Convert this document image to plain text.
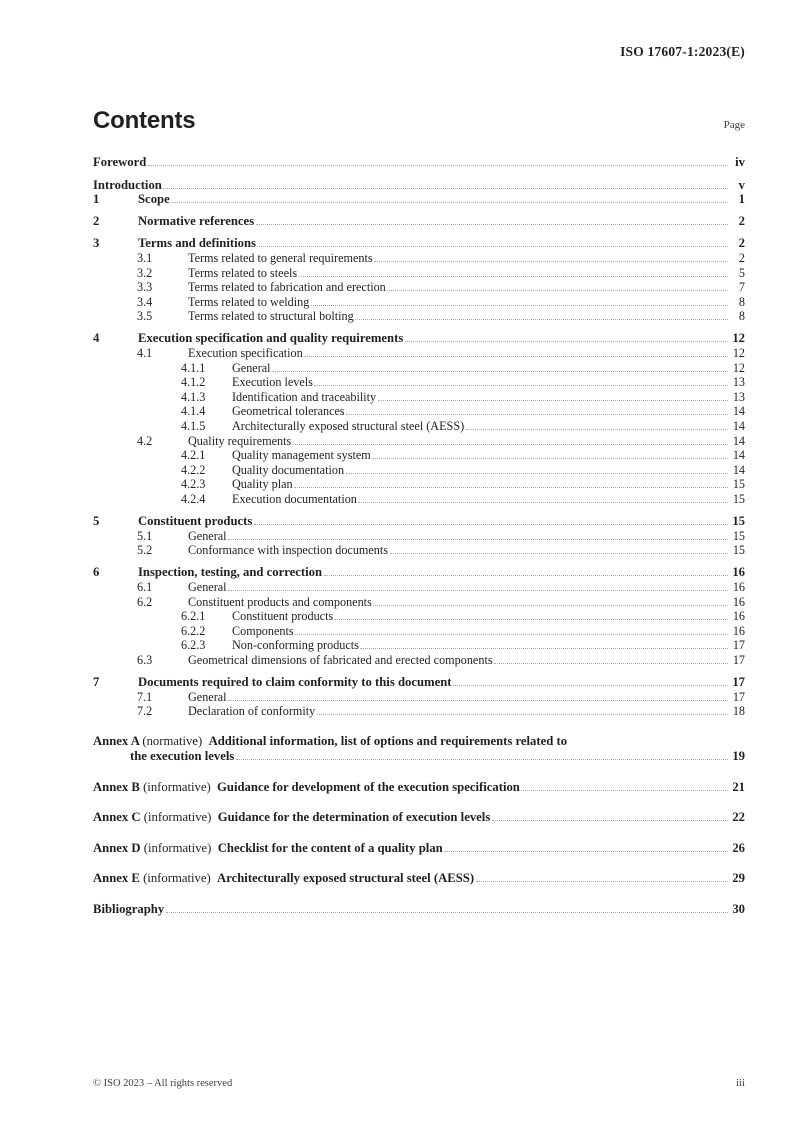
ISO 17607-1:2023(E)
Contents	Page
Foreword	iv
Introduction	v
1	Scope	1
2	Normative references	2
3	Terms and definitions	2
3.1	Terms related to general requirements	2
3.2	Terms related to steels	5
3.3	Terms related to fabrication and erection	7
3.4	Terms related to welding	8
3.5	Terms related to structural bolting	8
4	Execution specification and quality requirements	12
4.1	Execution specification	12
4.1.1	General	12
4.1.2	Execution levels	13
4.1.3	Identification and traceability	13
4.1.4	Geometrical tolerances	14
4.1.5	Architecturally exposed structural steel (AESS)	14
4.2	Quality requirements	14
4.2.1	Quality management system	14
4.2.2	Quality documentation	14
4.2.3	Quality plan	15
4.2.4	Execution documentation	15
5	Constituent products	15
5.1	General	15
5.2	Conformance with inspection documents	15
6	Inspection, testing, and correction	16
6.1	General	16
6.2	Constituent products and components	16
6.2.1	Constituent products	16
6.2.2	Components	16
6.2.3	Non-conforming products	17
6.3	Geometrical dimensions of fabricated and erected components	17
7	Documents required to claim conformity to this document	17
7.1	General	17
7.2	Declaration of conformity	18
Annex A (normative)  Additional information, list of options and requirements related to
the execution levels	19
Annex B (informative)  Guidance for development of the execution specification	21
Annex C (informative)  Guidance for the determination of execution levels	22
Annex D (informative)  Checklist for the content of a quality plan	26
Annex E (informative)  Architecturally exposed structural steel (AESS)	29
Bibliography	30
© ISO 2023 – All rights reserved	iii
